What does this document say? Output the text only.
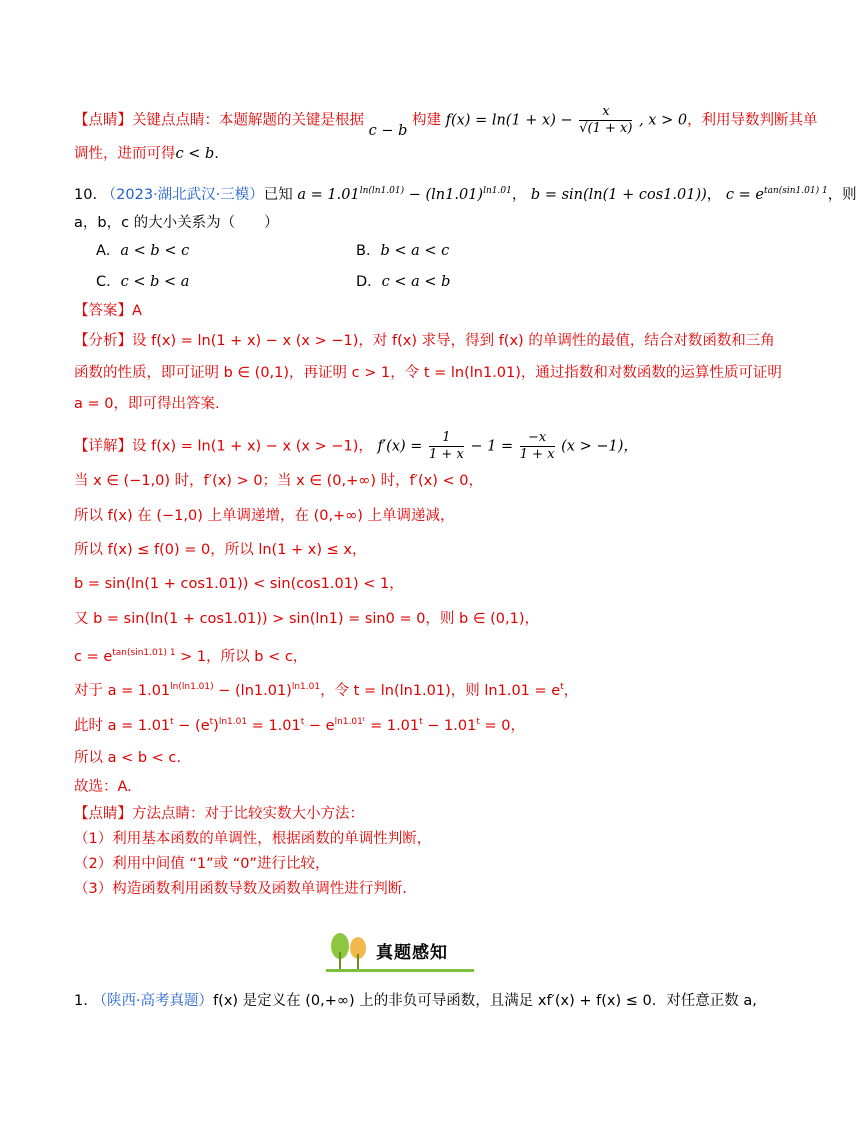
【点睛】关键点点睛：本题解题的关键是根据 c − b 构建 $f(x) = \ln(1 + x) - \frac{x}{√(1 + x)}$ , x > 0，利用导数判断其单
调性，进而可得c < b.
10. （2023·湖北武汉·三模）已知 $a = 1.01^{ln(ln1.01)} - (\ln 1.01)^{ln1.01}$， b = sin(ln(1 + cos1.01))， $c = e^{tan(sin1.01) 1}$，则
a，b，c 的大小关系为（　　）
A．a < b < c	B．b < a < c
C．c < b < a	D．c < a < b
【答案】A
【分析】设 f(x) = ln(1 + x) − x (x > −1)，对 f(x) 求导，得到 f(x) 的单调性的最值，结合对数函数和三角
函数的性质，即可证明 b ∈ (0,1)，再证明 c > 1，令 t = ln(ln1.01)，通过指数和对数函数的运算性质可证明
a = 0，即可得出答案.
【详解】设 f(x) = ln(1 + x) − x (x > −1)， $f'(x) = \frac{1}{1 + x} - 1 = \frac{-x}{1 + x} (x > -1)$，
当 x ∈ (−1,0) 时，f′(x) > 0；当 x ∈ (0,+∞) 时，f′(x) < 0，
所以 f(x) 在 (−1,0) 上单调递增，在 (0,+∞) 上单调递减，
所以 f(x) ≤ f(0) = 0，所以 ln(1 + x) ≤ x，
b = sin(ln(1 + cos1.01)) < sin(cos1.01) < 1，
又 b = sin(ln(1 + cos1.01)) > sin(ln1) = sin0 = 0，则 b ∈ (0,1)，
$c = e^{tan(sin1.01) 1} > 1$，所以 b < c，
对于 $a = 1.01^{ln(ln1.01)} - (\ln 1.01)^{ln1.01}$，令 t = ln(ln1.01)，则 $\ln 1.01 = e^t$，
此时 $a = 1.01^t - (e^t)^{ln1.01} = 1.01^t - e^{ln1.01ᵗ} = 1.01^t - 1.01^t = 0$，
所以 a < b < c.
故选：A.
【点睛】方法点睛：对于比较实数大小方法：
（1）利用基本函数的单调性，根据函数的单调性判断，
（2）利用中间值 “1”或 “0”进行比较，
（3）构造函数利用函数导数及函数单调性进行判断.
真题感知
1. （陕西·高考真题）f(x) 是定义在 (0,+∞) 上的非负可导函数，且满足 xf′(x) + f(x) ≤ 0．对任意正数 a,
